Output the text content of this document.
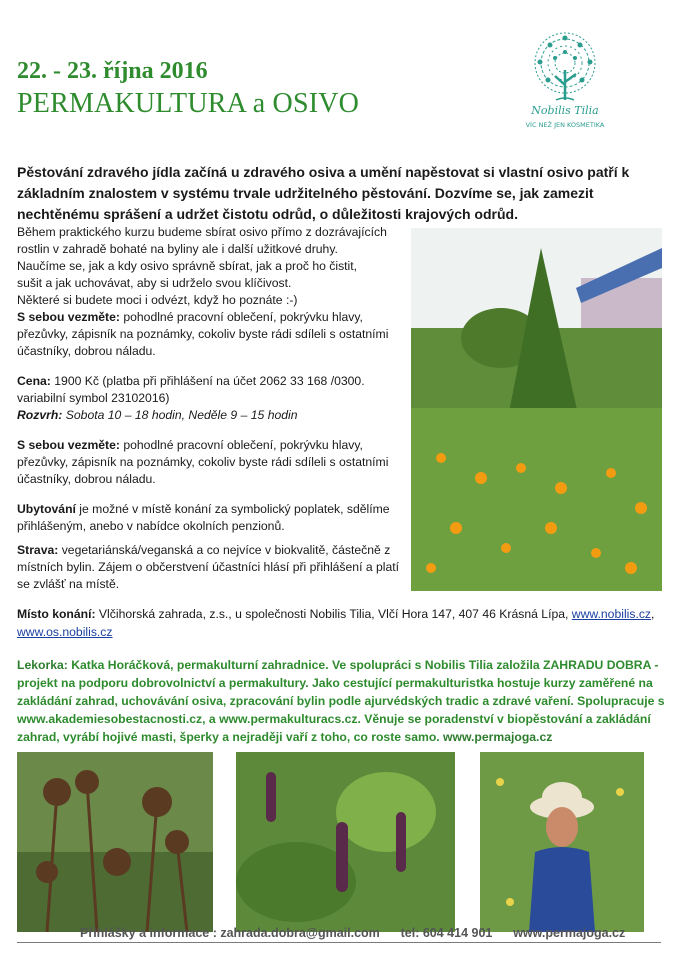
22. - 23. října 2016
PERMAKULTURA a OSIVO	Nobilis Tilia
VÍC NEŽ JEN KOSMETIKA
Pěstování zdravého jídla začíná u zdravého osiva a umění napěstovat si vlastní osivo patří k základním znalostem v systému trvale udržitelného pěstování. Dozvíme se, jak zamezit nechtěnému sprášení a udržet čistotu odrůd, o důležitosti krajových odrůd.

Během praktického kurzu budeme sbírat osivo přímo z dozrávajících

rostlin v zahradě bohaté na byliny ale i další užitkové druhy.

Naučíme se, jak a kdy osivo správně sbírat, jak a proč ho čistit,

sušit a jak uchovávat, aby si udrželo svou klíčivost.

Některé si budete moci i odvézt, když ho poznáte :-)

S sebou vezměte: pohodlné pracovní oblečení, pokrývku hlavy, přezůvky, zápisník na poznámky, cokoliv byste rádi sdíleli s ostatními účastníky, dobrou náladu.

Cena: 1900 Kč (platba při přihlášení na účet 2062 33 168 /0300. variabilní symbol 23102016)

Rozvrh: Sobota 10 – 18 hodin, Neděle 9 – 15 hodin

S sebou vezměte: pohodlné pracovní oblečení, pokrývku hlavy, přezůvky, zápisník na poznámky, cokoliv byste rádi sdíleli s ostatními účastníky, dobrou náladu.

Ubytování je možné v místě konání za symbolický poplatek, sdělíme přihlášeným, anebo v nabídce okolních penzionů.

Strava: vegetariánská/veganská a co nejvíce v biokvalitě, částečně z místních bylin. Zájem o občerstvení účastníci hlásí při přihlášení a platí se zvlášť na místě.

Místo konání: Vlčihorská zahrada, z.s., u společnosti Nobilis Tilia, Vlčí Hora 147, 407 46 Krásná Lípa, www.nobilis.cz, www.os.nobilis.cz
Lekorka: Katka Horáčková, permakulturní zahradnice. Ve spolupráci s Nobilis Tilia založila ZAHRADU DOBRA - projekt na podporu dobrovolnictví a permakultury. Jako cestující permakulturistka hostuje kurzy zaměřené na zakládání zahrad, uchovávání osiva, zpracování bylin podle ajurvédských tradic a zdravé vaření. Spolupracuje s www.akademiesobestacnosti.cz, a www.permakulturacs.cz. Věnuje se poradenství v biopěstování a zakládání zahrad, vyrábí hojivé masti, šperky a nejraději vaří z toho, co roste samo. www.permajoga.cz
Přihlášky a informace : zahrada.dobra@gmail.com      tel: 604 414 901      www.permajoga.cz
